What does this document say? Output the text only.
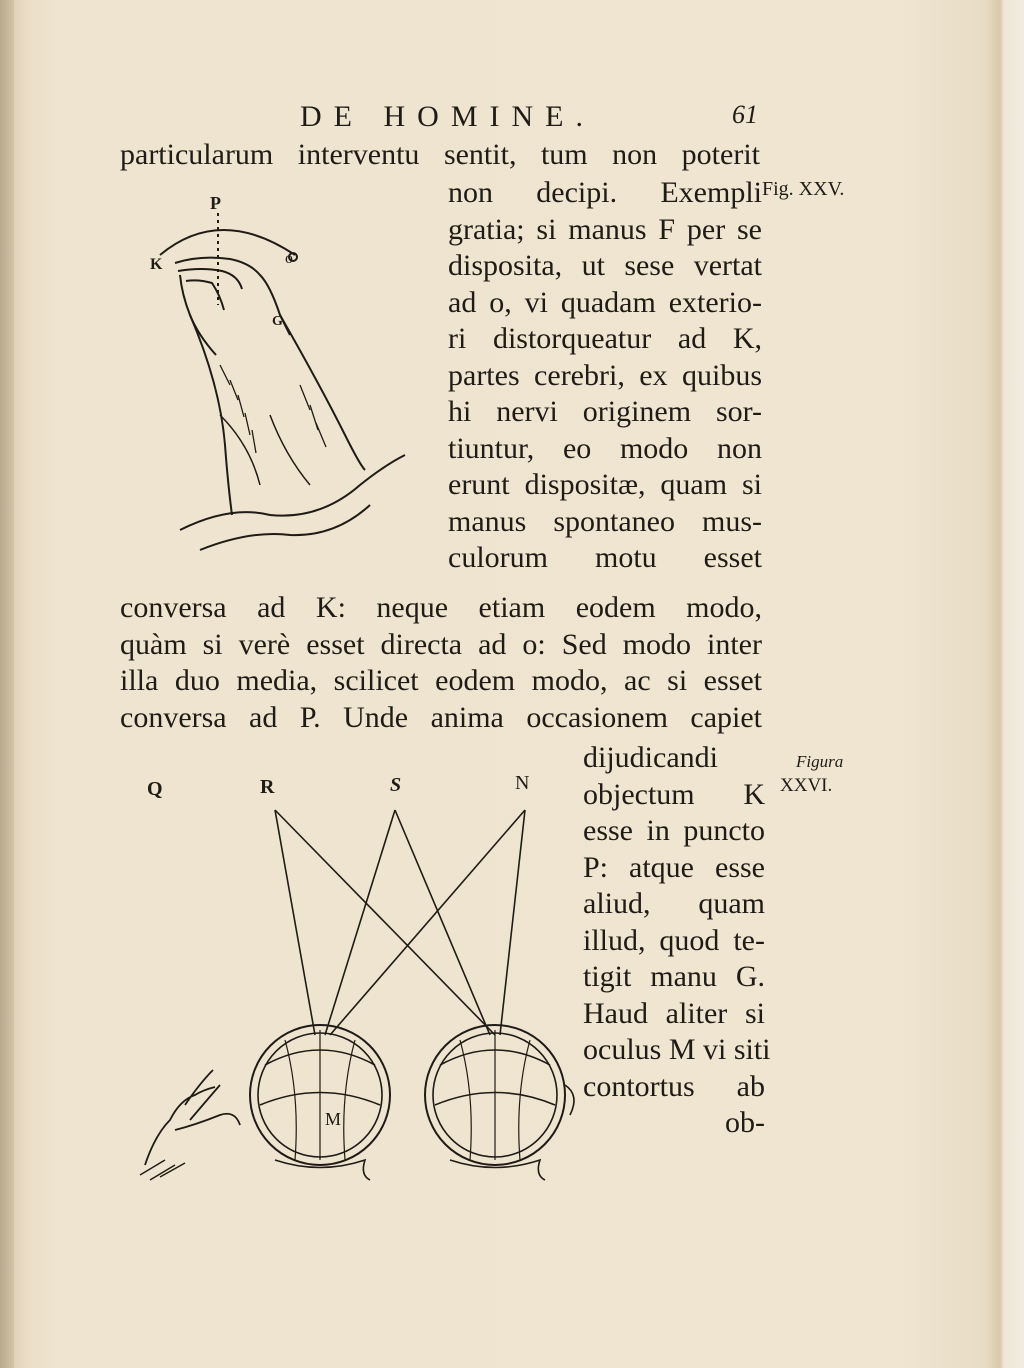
DE HOMINE.	61
particularum interventu sentit, tum non poterit
non decipi. Exempli
gratia; si manus F per se
disposita, ut sese vertat
ad o, vi quadam exterio-
ri distorqueatur ad K,
partes cerebri, ex quibus
hi nervi originem sor-
tiuntur, eo modo non
erunt dispositæ, quam si
manus spontaneo mus-
culorum motu esset
Fig. XXV.
conversa ad K: neque etiam eodem modo,
quàm si verè esset directa ad o: Sed modo inter
illa duo media, scilicet eodem modo, ac si esset
conversa ad P. Unde anima occasionem capiet
dijudicandi
objectum K
esse in puncto
P: atque esse
aliud, quam
illud, quod te-
tigit manu G.
Haud aliter si
oculus M vi siti
contortus ab
ob-
Figura
XXVI.
P
K	o
G
Q	R	S	N
M
